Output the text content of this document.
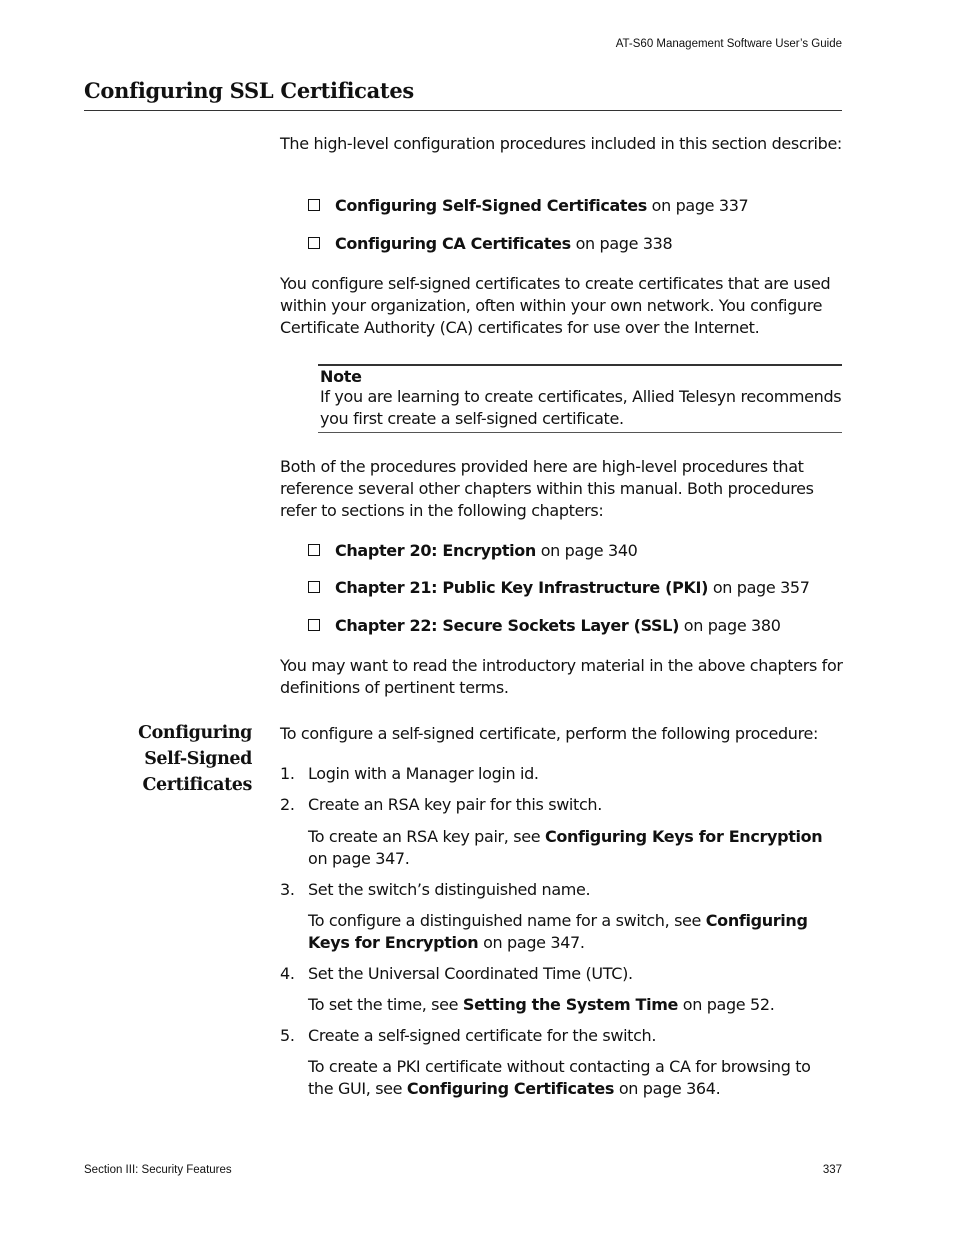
AT-S60 Management Software User’s Guide
Configuring SSL Certificates
The high-level configuration procedures included in this section describe:
Configuring Self-Signed Certificates on page 337
Configuring CA Certificates on page 338
You configure self-signed certificates to create certificates that are used within your organization, often within your own network. You configure Certificate Authority (CA) certificates for use over the Internet.
Note
If you are learning to create certificates, Allied Telesyn recommends you first create a self-signed certificate.
Both of the procedures provided here are high-level procedures that reference several other chapters within this manual. Both procedures refer to sections in the following chapters:
Chapter 20: Encryption on page 340
Chapter 21: Public Key Infrastructure (PKI) on page 357
Chapter 22: Secure Sockets Layer (SSL) on page 380
You may want to read the introductory material in the above chapters for definitions of pertinent terms.
Configuring
Self-Signed
Certificates
To configure a self-signed certificate, perform the following procedure:
1. Login with a Manager login id.
2. Create an RSA key pair for this switch.
To create an RSA key pair, see Configuring Keys for Encryption on page 347.
3. Set the switch’s distinguished name.
To configure a distinguished name for a switch, see Configuring Keys for Encryption on page 347.
4. Set the Universal Coordinated Time (UTC).
To set the time, see Setting the System Time on page 52.
5. Create a self-signed certificate for the switch.
To create a PKI certificate without contacting a CA for browsing to the GUI, see Configuring Certificates on page 364.
Section III: Security Features	337
